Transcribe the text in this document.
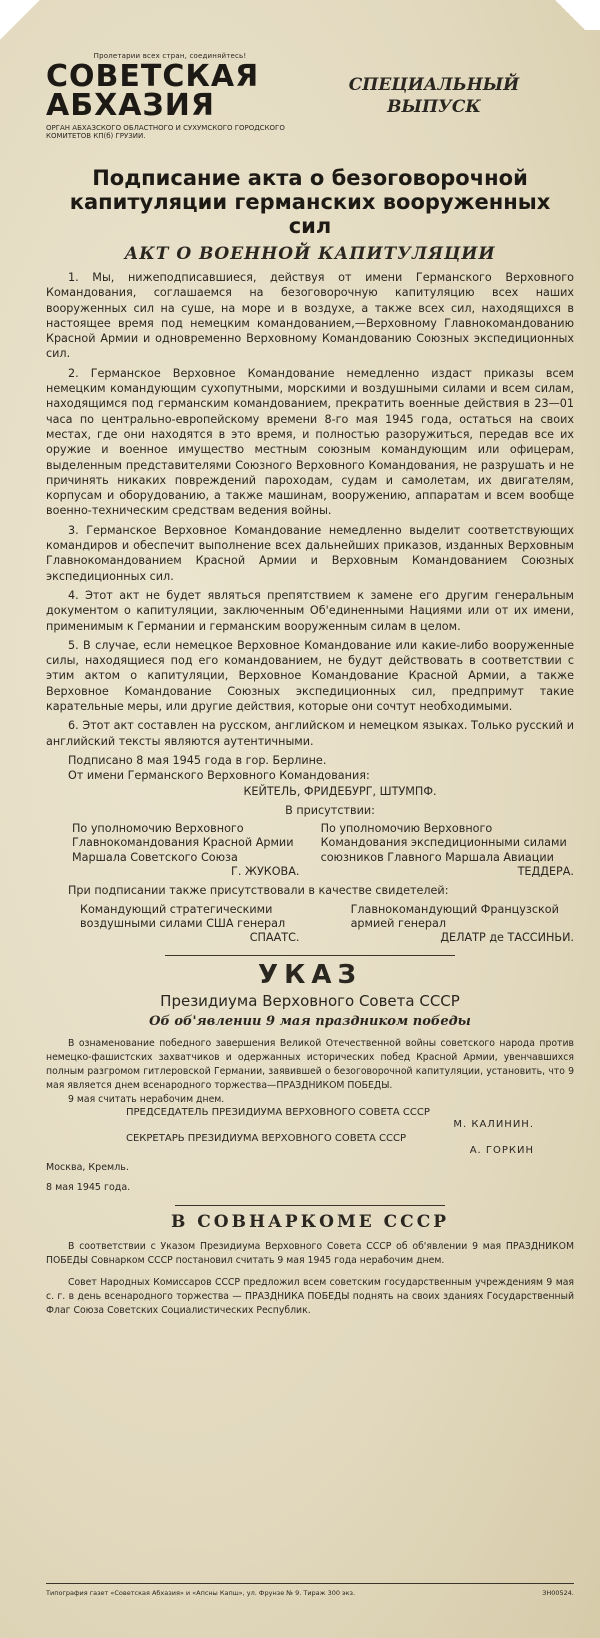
Пролетарии всех стран, соединяйтесь!

СОВЕТСКАЯ
АБХАЗИЯ

ОРГАН АБХАЗСКОГО ОБЛАСТНОГО И СУХУМСКОГО ГОРОДСКОГО КОМИТЕТОВ КП(б) ГРУЗИИ.

СПЕЦИАЛЬНЫЙ
ВЫПУСК
Подписание акта о безоговорочной капитуляции германских вооруженных сил
АКТ О ВОЕННОЙ КАПИТУЛЯЦИИ

1. Мы, нижеподписавшиеся, действуя от имени Германского Верховного Командования, соглашаемся на безоговорочную капитуляцию всех наших вооруженных сил на суше, на море и в воздухе, а также всех сил, находящихся в настоящее время под немецким командованием,—Верховному Главнокомандованию Красной Армии и одновременно Верховному Командованию Союзных экспедиционных сил.

2. Германское Верховное Командование немедленно издаст приказы всем немецким командующим сухопутными, морскими и воздушными силами и всем силам, находящимся под германским командованием, прекратить военные действия в 23—01 часа по центрально-европейскому времени 8-го мая 1945 года, остаться на своих местах, где они находятся в это время, и полностью разоружиться, передав все их оружие и военное имущество местным союзным командующим или офицерам, выделенным представителями Союзного Верховного Командования, не разрушать и не причинять никаких повреждений пароходам, судам и самолетам, их двигателям, корпусам и оборудованию, а также машинам, вооружению, аппаратам и всем вообще военно-техническим средствам ведения войны.

3. Германское Верховное Командование немедленно выделит соответствующих командиров и обеспечит выполнение всех дальнейших приказов, изданных Верховным Главнокомандованием Красной Армии и Верховным Командованием Союзных экспедиционных сил.

4. Этот акт не будет являться препятствием к замене его другим генеральным документом о капитуляции, заключенным Об'единенными Нациями или от их имени, применимым к Германии и германским вооруженным силам в целом.

5. В случае, если немецкое Верховное Командование или какие-либо вооруженные силы, находящиеся под его командованием, не будут действовать в соответствии с этим актом о капитуляции, Верховное Командование Красной Армии, а также Верховное Командование Союзных экспедиционных сил, предпримут такие карательные меры, или другие действия, которые они сочтут необходимыми.

6. Этот акт составлен на русском, английском и немецком языках. Только русский и английский тексты являются аутентичными.

Подписано 8 мая 1945 года в гор. Берлине.

От имени Германского Верховного Командования:

КЕЙТЕЛЬ, ФРИДЕБУРГ, ШТУМПФ.

В присутствии:

По уполномочию Верховного Главнокомандования Красной Армии Маршала Советского Союза

Г. ЖУКОВА.

По уполномочию Верховного Командования экспедиционными силами союзников Главного Маршала Авиации

ТЕДДЕРА.

При подписании также присутствовали в качестве свидетелей:

Командующий стратегическими воздушными силами США генерал

СПААТС.

Главнокомандующий Французской армией генерал

ДЕЛАТР де ТАССИНЬИ.

УКАЗ
Президиума Верховного Совета СССР
Об об'явлении 9 мая праздником победы

В ознаменование победного завершения Великой Отечественной войны советского народа против немецко-фашистских захватчиков и одержанных исторических побед Красной Армии, увенчавшихся полным разгромом гитлеровской Германии, заявившей о безоговорочной капитуляции, установить, что 9 мая является днем всенародного торжества—ПРАЗДНИКОМ ПОБЕДЫ.

9 мая считать нерабочим днем.

ПРЕДСЕДАТЕЛЬ ПРЕЗИДИУМА ВЕРХОВНОГО СОВЕТА СССР

М. КАЛИНИН.

СЕКРЕТАРЬ ПРЕЗИДИУМА ВЕРХОВНОГО СОВЕТА СССР

А. ГОРКИН

Москва, Кремль.

8 мая 1945 года.

В СОВНАРКОМЕ СССР

В соответствии с Указом Президиума Верховного Совета СССР об об'явлении 9 мая ПРАЗДНИКОМ ПОБЕДЫ Совнарком СССР постановил считать 9 мая 1945 года нерабочим днем.

Совет Народных Комиссаров СССР предложил всем советским государственным учреждениям 9 мая с. г. в день всенародного торжества — ПРАЗДНИКА ПОБЕДЫ поднять на своих зданиях Государственный Флаг Союза Советских Социалистических Республик.

Типография газет «Советская Абхазия» и «Апсны Капш», ул. Фрунзе № 9. Тираж 300 экз.	ЗН00524.
